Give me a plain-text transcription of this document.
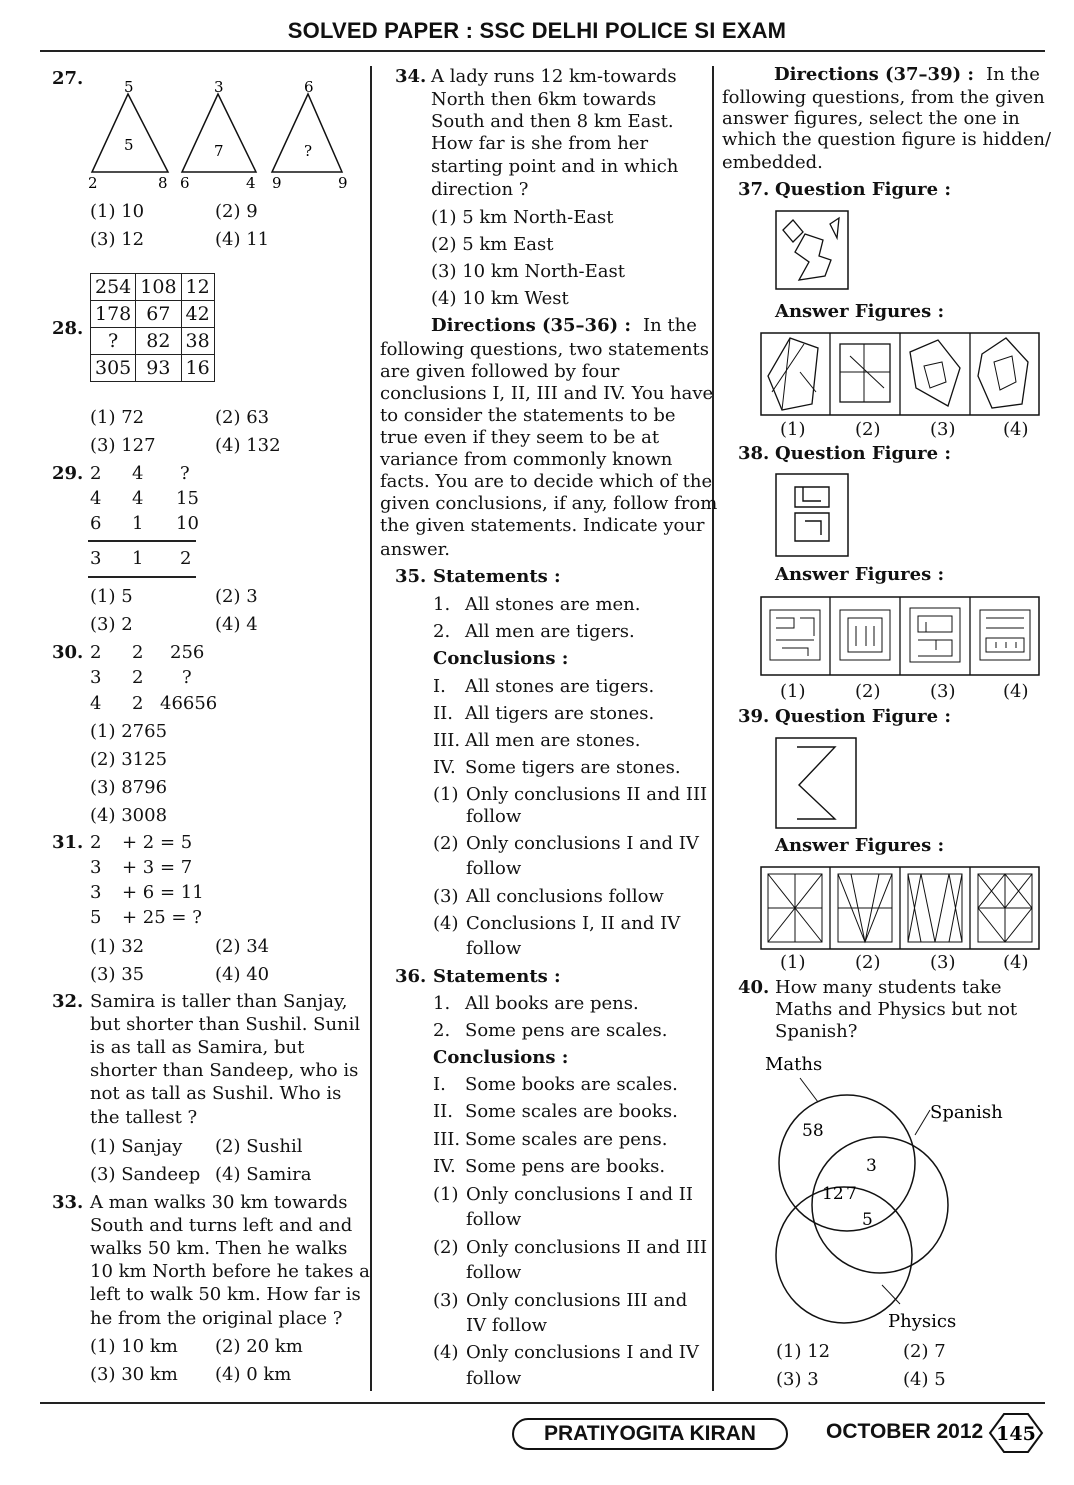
SOLVED PAPER : SSC DELHI POLICE SI EXAM
27.	5
5
2	8
3
7
6	4
6
?
9	9
(1) 10	(2) 9
(3) 12	(4) 11
28.
254	108	12
178	67	42
?	82	38
305	93	16
(1) 72	(2) 63
(3) 127	(4) 132
29. 2 4 ?
4 4 15
6 1 10
3 1 2
(1) 5	(2) 3
(3) 2	(4) 4
30. 2 2 256
3 2 ?
4 2 46656
(1) 2765
(2) 3125
(3) 8796
(4) 3008
31. 2 + 2 = 5
3 + 3 = 7
3 + 6 = 11
5 + 25 = ?
(1) 32	(2) 34
(3) 35	(4) 40
32. Samira is taller than Sanjay,
but shorter than Sushil. Sunil
is as tall as Samira, but
shorter than Sandeep, who is
not as tall as Sushil. Who is
the tallest ?
(1) Sanjay (2) Sushil
(3) Sandeep (4) Samira
33. A man walks 30 km towards
South and turns left and and
walks 50 km. Then he walks
10 km North before he takes a
left to walk 50 km. How far is
he from the original place ?
(1) 10 km (2) 20 km
(3) 30 km (4) 0 km
34. A lady runs 12 km-towards
North then 6km towards
South and then 8 km East.
How far is she from her
starting point and in which
direction ?
(1) 5 km North-East
(2) 5 km East
(3) 10 km North-East
(4) 10 km West
Directions (35–36) : In the
following questions, two statements
are given followed by four
conclusions I, II, III and IV. You have
to consider the statements to be
true even if they seem to be at
variance from commonly known
facts. You are to decide which of the
given conclusions, if any, follow from
the given statements. Indicate your
answer.
35. Statements :
1. All stones are men.
2. All men are tigers.
Conclusions :
I. All stones are tigers.
II. All tigers are stones.
III. All men are stones.
IV. Some tigers are stones.
(1) Only conclusions II and III
follow
(2) Only conclusions I and IV
follow
(3) All conclusions follow
(4) Conclusions I, II and IV
follow
36. Statements :
1. All books are pens.
2. Some pens are scales.
Conclusions :
I. Some books are scales.
II. Some scales are books.
III. Some scales are pens.
IV. Some pens are books.
(1) Only conclusions I and II
follow
(2) Only conclusions II and III
follow
(3) Only conclusions III and
IV follow
(4) Only conclusions I and IV
follow
Directions (37–39) : In the
following questions, from the given
answer figures, select the one in
which the question figure is hidden/
embedded.
37. Question Figure :
Answer Figures :
(1)	(2)	(3)	(4)
38. Question Figure :
Answer Figures :
(1)	(2)	(3)	(4)
39. Question Figure :
Answer Figures :
(1)	(2)	(3)	(4)
40. How many students take
Maths and Physics but not
Spanish?
Maths
Spanish
Physics
58
3
12 7
5
(1) 12	(2) 7
(3) 3	(4) 5
PRATIYOGITA KIRAN	OCTOBER 2012 145
